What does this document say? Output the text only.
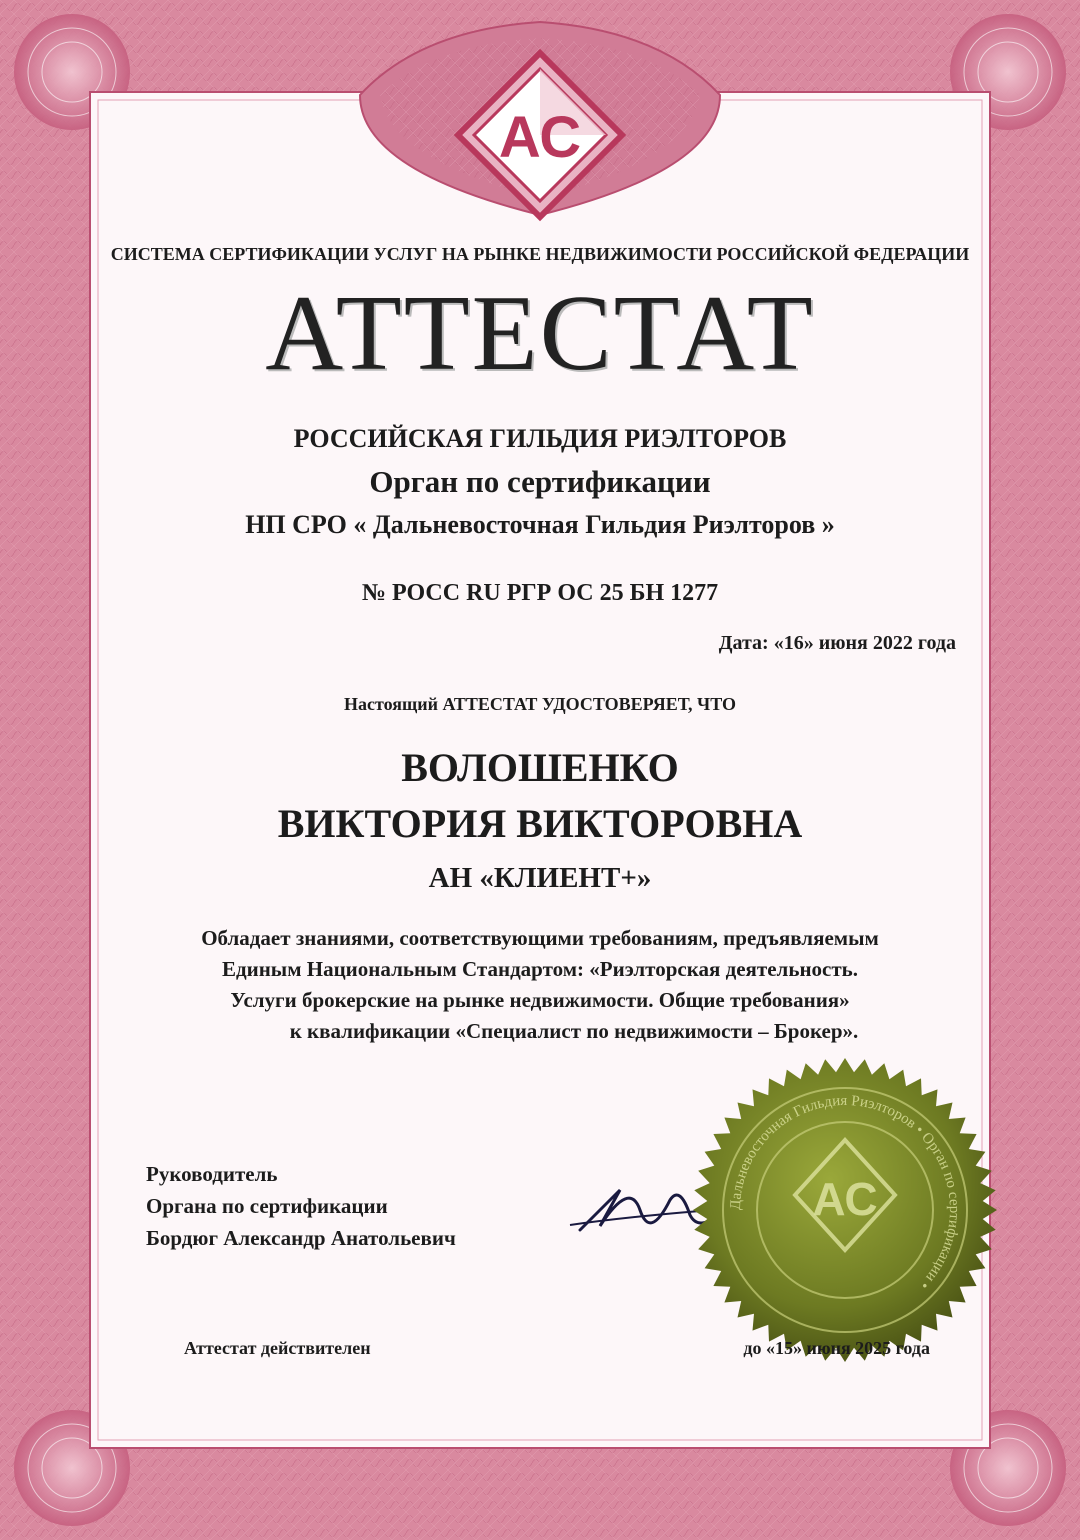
АС
СИСТЕМА СЕРТИФИКАЦИИ УСЛУГ НА РЫНКЕ НЕДВИЖИМОСТИ РОССИЙСКОЙ ФЕДЕРАЦИИ
АТТЕСТАТ
РОССИЙСКАЯ ГИЛЬДИЯ РИЭЛТОРОВ
Орган по сертификации
НП СРО « Дальневосточная Гильдия Риэлторов »
№ РОСС RU РГР ОС 25 БН 1277
Дата: «16» июня 2022 года
Настоящий АТТЕСТАТ УДОСТОВЕРЯЕТ, ЧТО
ВОЛОШЕНКО
ВИКТОРИЯ ВИКТОРОВНА
АН «КЛИЕНТ+»
Обладает знаниями, соответствующими требованиям, предъявляемым
Единым Национальным Стандартом: «Риэлторская деятельность.
Услуги брокерские на рынке недвижимости. Общие требования»
к квалификации «Специалист по недвижимости – Брокер».
Руководитель
Органа по сертификации
Бордюг Александр Анатольевич
Дальневосточная Гильдия Риэлторов • Орган по сертификации •
АС
Аттестат действителен	до «15» июня 2025 года
